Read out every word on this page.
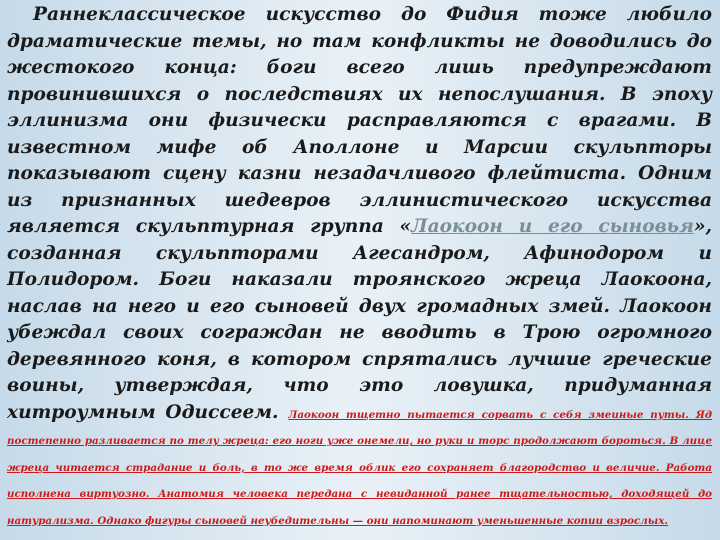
Раннеклассическое искусство до Фидия тоже любило драматические темы, но там конфликты не доводились до жестокого конца: боги всего лишь предупреждают провинившихся о последствиях их непослушания. В эпоху эллинизма они физически расправляются с врагами. В известном мифе об Аполлоне и Марсии скульпторы показывают сцену казни незадачливого флейтиста. Одним из признанных шедевров эллинистического искусства является скульптурная группа «Лаокоон и его сыновья», созданная скульпторами Агесандром, Афинодором и Полидором. Боги наказали троянского жреца Лаокоона, наслав на него и его сыновей двух громадных змей. Лаокоон убеждал своих сограждан не вводить в Трою огромного деревянного коня, в котором спрятались лучшие греческие воины, утверждая, что это ловушка, придуманная хитроумным Одиссеем. Лаокоон тщетно пытается сорвать с себя змеиные путы. Яд постепенно разливается по телу жреца: его ноги уже онемели, но руки и торс продолжают бороться. В лице жреца читается страдание и боль, в то же время облик его сохраняет благородство и величие. Работа исполнена виртуозно. Анатомия человека передана с невиданной ранее тщательностью, доходящей до натурализма. Однако фигуры сыновей неубедительны — они напоминают уменьшенные копии взрослых.
